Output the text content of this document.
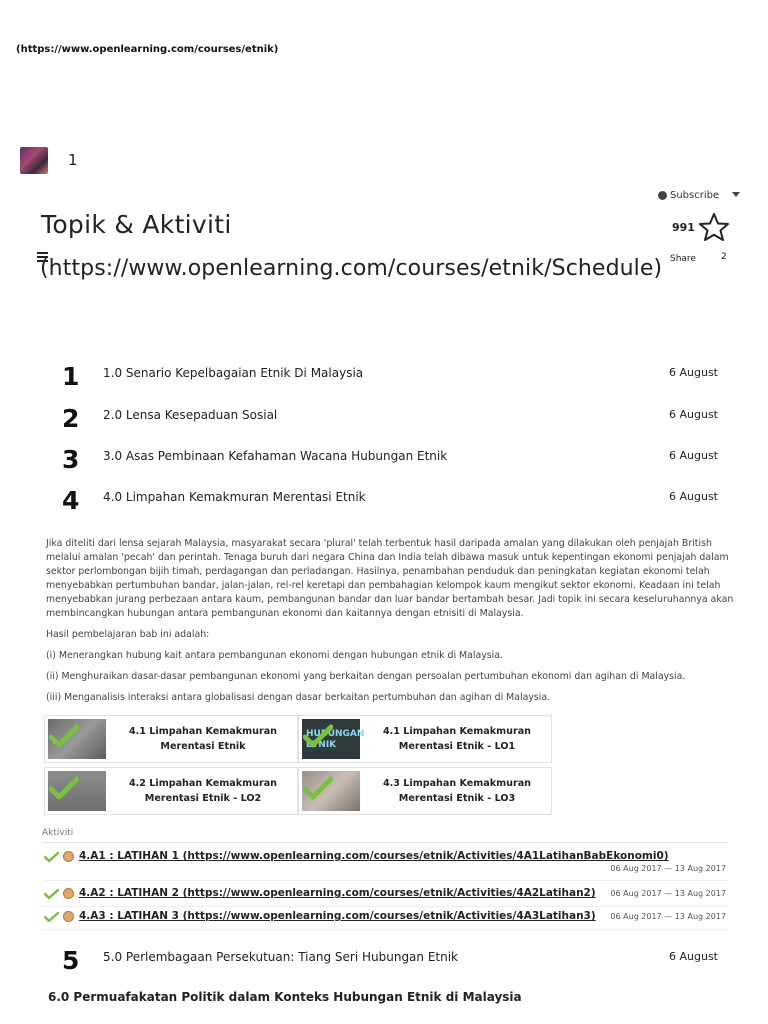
(https://www.openlearning.com/courses/etnik)
1
Subscribe
991
Share	2
Topik & Aktiviti
(https://www.openlearning.com/courses/etnik/Schedule)
1 1.0 Senario Kepelbagaian Etnik Di Malaysia	6 August
2 2.0 Lensa Kesepaduan Sosial	6 August
3 3.0 Asas Pembinaan Kefahaman Wacana Hubungan Etnik	6 August
4 4.0 Limpahan Kemakmuran Merentasi Etnik	6 August

Jika diteliti dari lensa sejarah Malaysia, masyarakat secara 'plural' telah terbentuk hasil daripada amalan yang dilakukan oleh penjajah British melalui amalan 'pecah' dan perintah. Tenaga buruh dari negara China dan India telah dibawa masuk untuk kepentingan ekonomi penjajah dalam sektor perlombongan bijih timah, perdagangan dan perladangan. Hasilnya, penambahan penduduk dan peningkatan kegiatan ekonomi telah menyebabkan pertumbuhan bandar, jalan-jalan, rel-rel keretapi dan pembahagian kelompok kaum mengikut sektor ekonomi. Keadaan ini telah menyebabkan jurang perbezaan antara kaum, pembangunan bandar dan luar bandar bertambah besar. Jadi topik ini secara keseluruhannya akan membincangkan hubungan antara pembangunan ekonomi dan kaitannya dengan etnisiti di Malaysia.

Hasil pembelajaran bab ini adalah:

(i) Menerangkan hubung kait antara pembangunan ekonomi dengan hubungan etnik di Malaysia.

(ii) Menghuraikan dasar-dasar pembangunan ekonomi yang berkaitan dengan persoalan pertumbuhan ekonomi dan agihan di Malaysia.

(iii) Menganalisis interaksi antara globalisasi dengan dasar berkaitan pertumbuhan dan agihan di Malaysia.

4.1 Limpahan Kemakmuran
Merentasi Etnik
HUBUNGAN ETNIK
4.1 Limpahan Kemakmuran
Merentasi Etnik - LO1
4.2 Limpahan Kemakmuran
Merentasi Etnik - LO2
4.3 Limpahan Kemakmuran
Merentasi Etnik - LO3
Aktiviti
4.A1 : LATIHAN 1 (https://www.openlearning.com/courses/etnik/Activities/4A1LatihanBabEkonomi0)
06 Aug 2017 — 13 Aug 2017
4.A2 : LATIHAN 2 (https://www.openlearning.com/courses/etnik/Activities/4A2Latihan2) 06 Aug 2017 — 13 Aug 2017
4.A3 : LATIHAN 3 (https://www.openlearning.com/courses/etnik/Activities/4A3Latihan3) 06 Aug 2017 — 13 Aug 2017
5 5.0 Perlembagaan Persekutuan: Tiang Seri Hubungan Etnik	6 August
6.0 Permuafakatan Politik dalam Konteks Hubungan Etnik di Malaysia
